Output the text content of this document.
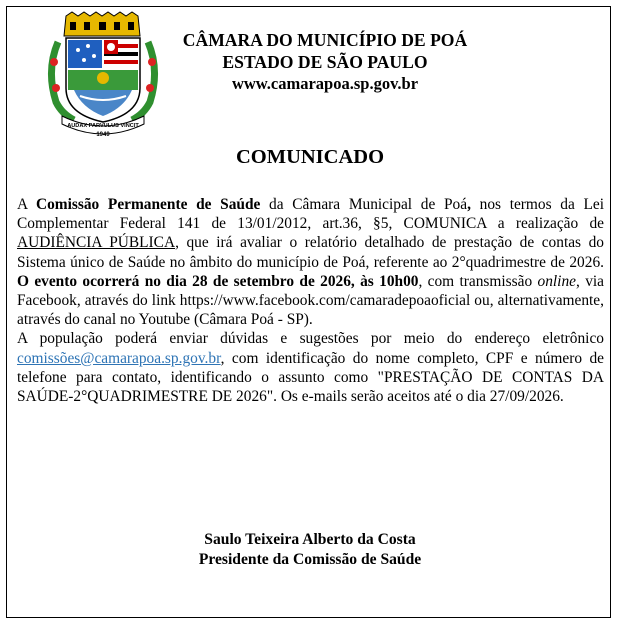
AUDAX PARVULUS VINCIT
1949
CÂMARA DO MUNICÍPIO DE POÁ
ESTADO DE SÃO PAULO
www.camarapoa.sp.gov.br
COMUNICADO

A Comissão Permanente de Saúde da Câmara Municipal de Poá, nos termos da Lei Complementar Federal 141 de 13/01/2012, art.36, §5, COMUNICA a realização de AUDIÊNCIA PÚBLICA, que irá avaliar o relatório detalhado de prestação de contas do Sistema único de Saúde no âmbito do município de Poá, referente ao 2°quadrimestre de 2026. O evento ocorrerá no dia 28 de setembro de 2026, às 10h00, com transmissão online, via Facebook, através do link https://www.facebook.com/camaradepoaoficial ou, alternativamente, através do canal no Youtube (Câmara Poá - SP).

A população poderá enviar dúvidas e sugestões por meio do endereço eletrônico comissões@camarapoa.sp.gov.br, com identificação do nome completo, CPF e número de telefone para contato, identificando o assunto como "PRESTAÇÃO DE CONTAS DA SAÚDE-2°QUADRIMESTRE DE 2026". Os e-mails serão aceitos até o dia 27/09/2026.

Saulo Teixeira Alberto da Costa
Presidente da Comissão de Saúde
